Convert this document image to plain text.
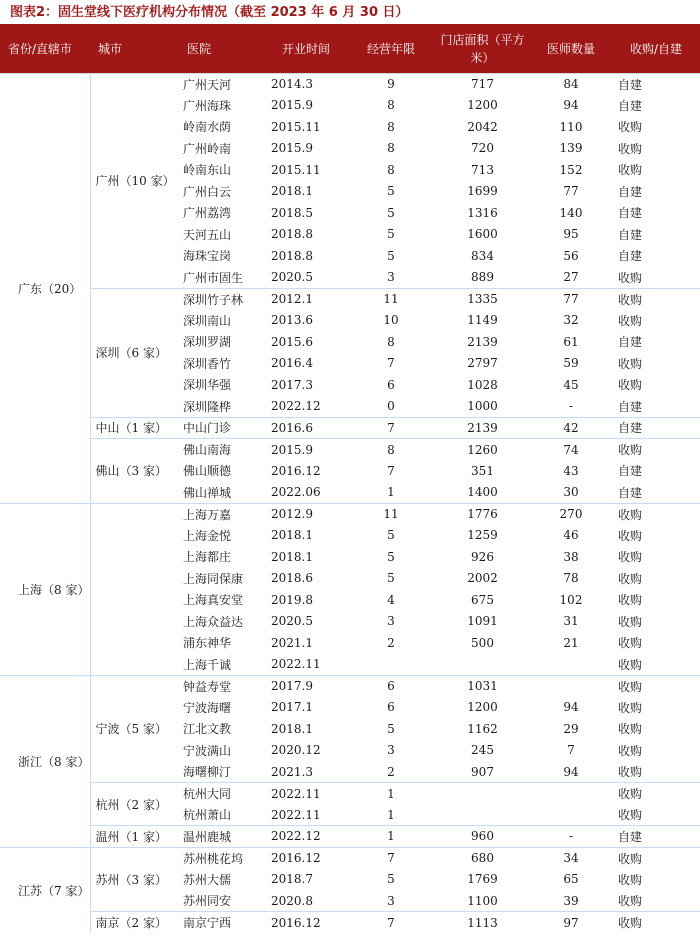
图表2：固生堂线下医疗机构分布情况（截至 2023 年 6 月 30 日）
省份/直辖市	城市	医院	开业时间	经营年限	门店面积（平方米）	医师数量	收购/自建
广东（20）	广州（10 家）	广州天河	2014.3	9	717	84	自建
		广州海珠	2015.9	8	1200	94	自建
		岭南水荫	2015.11	8	2042	110	收购
		广州岭南	2015.9	8	720	139	收购
		岭南东山	2015.11	8	713	152	收购
		广州白云	2018.1	5	1699	77	自建
		广州荔湾	2018.5	5	1316	140	自建
		天河五山	2018.8	5	1600	95	自建
		海珠宝岗	2018.8	5	834	56	自建
		广州市固生	2020.5	3	889	27	收购
	深圳（6 家）	深圳竹子林	2012.1	11	1335	77	收购
		深圳南山	2013.6	10	1149	32	收购
		深圳罗湖	2015.6	8	2139	61	自建
		深圳香竹	2016.4	7	2797	59	收购
		深圳华强	2017.3	6	1028	45	收购
		深圳隆桦	2022.12	0	1000	-	自建
	中山（1 家）	中山门诊	2016.6	7	2139	42	自建
	佛山（3 家）	佛山南海	2015.9	8	1260	74	收购
		佛山顺德	2016.12	7	351	43	自建
		佛山禅城	2022.06	1	1400	30	自建
上海（8 家）		上海万嘉	2012.9	11	1776	270	收购
		上海金悦	2018.1	5	1259	46	收购
		上海都庄	2018.1	5	926	38	收购
		上海同保康	2018.6	5	2002	78	收购
		上海真安堂	2019.8	4	675	102	收购
		上海众益达	2020.5	3	1091	31	收购
		浦东神华	2021.1	2	500	21	收购
		上海千诚	2022.11				收购
浙江（8 家）	宁波（5 家）	钟益寿堂	2017.9	6	1031		收购
		宁波海曙	2017.1	6	1200	94	收购
		江北文教	2018.1	5	1162	29	收购
		宁波满山	2020.12	3	245	7	收购
		海曙柳汀	2021.3	2	907	94	收购
	杭州（2 家）	杭州大同	2022.11	1			收购
		杭州萧山	2022.11	1			收购
	温州（1 家）	温州鹿城	2022.12	1	960	-	自建
江苏（7 家）	苏州（3 家）	苏州桃花坞	2016.12	7	680	34	收购
		苏州大儒	2018.7	5	1769	65	收购
		苏州同安	2020.8	3	1100	39	收购
	南京（2 家）	南京宁西	2016.12	7	1113	97	收购
